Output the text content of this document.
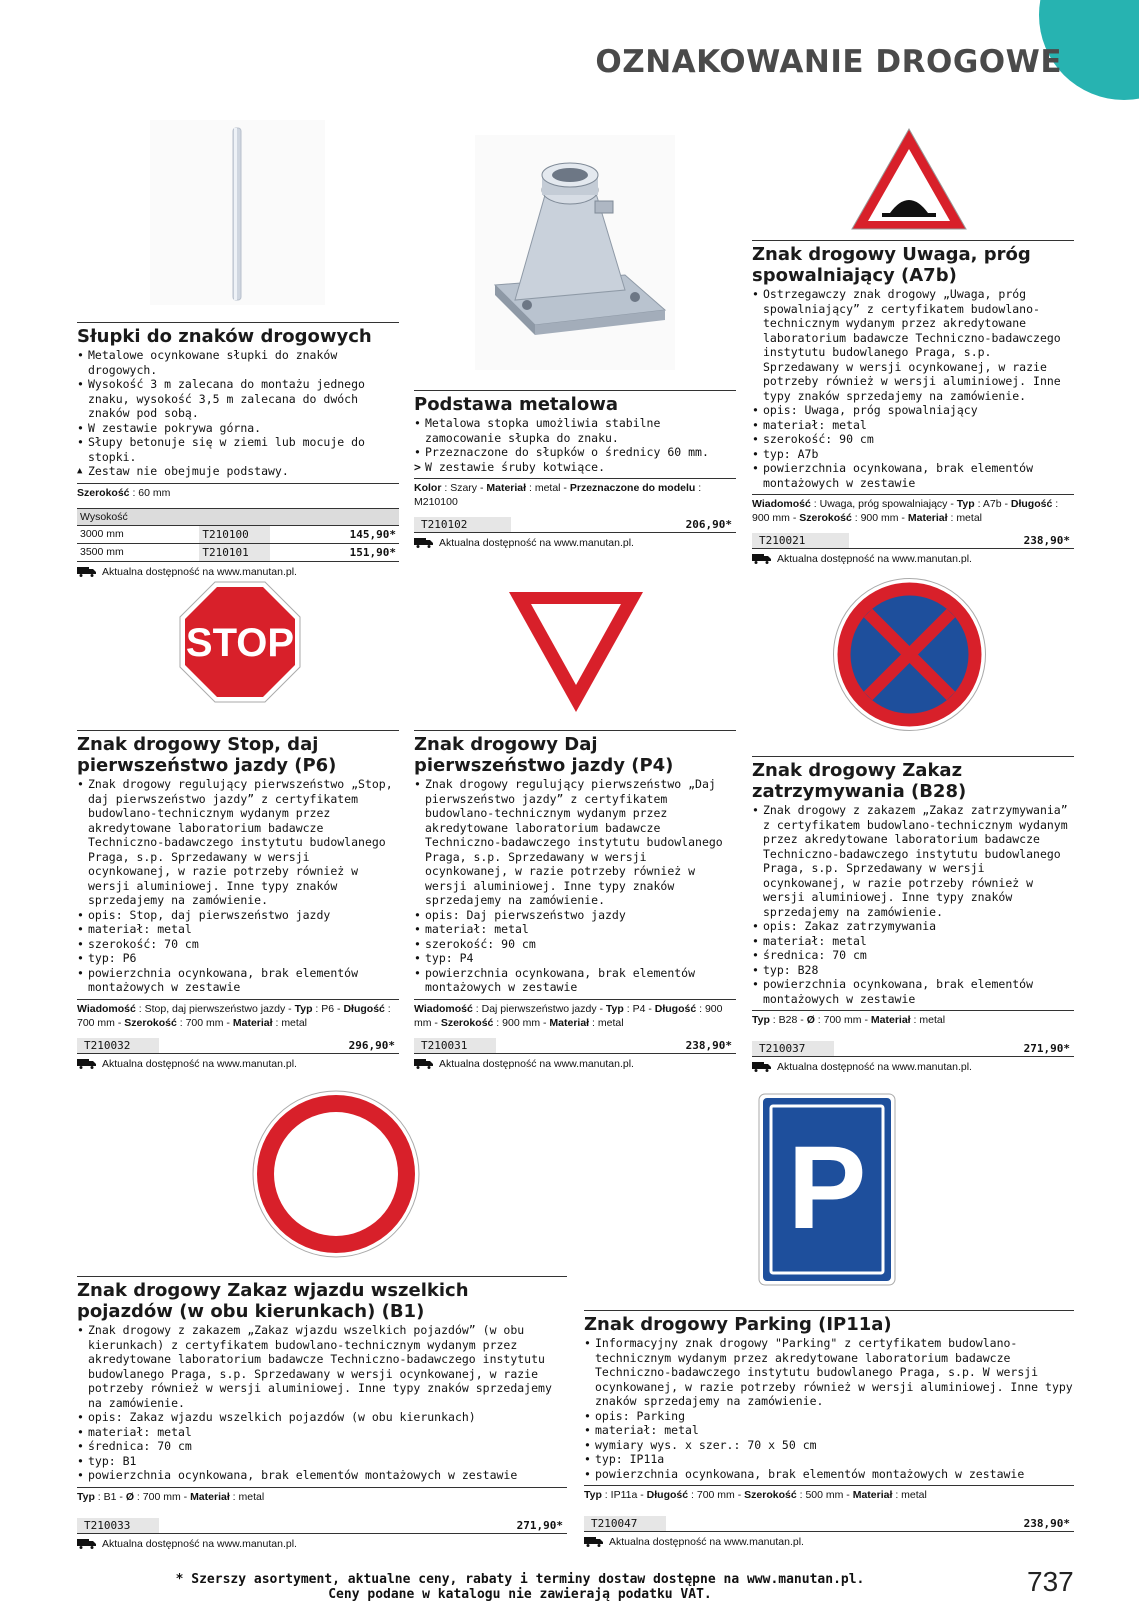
OZNAKOWANIE DROGOWE
STOP
P
Słupki do znaków drogowych
• Metalowe ocynkowane słupki do znaków drogowych.
• Wysokość 3 m zalecana do montażu jednego znaku, wysokość 3,5 m zalecana do dwóch znaków pod sobą.
• W zestawie pokrywa górna.
• Słupy betonuje się w ziemi lub mocuje do stopki.
▲ Zestaw nie obejmuje podstawy.
Szerokość : 60 mm
Wysokość		
3000 mm	T210100	145,90*
3500 mm	T210101	151,90*
Aktualna dostępność na www.manutan.pl.
Podstawa metalowa
• Metalowa stopka umożliwia stabilne zamocowanie słupka do znaku.
• Przeznaczone do słupków o średnicy 60 mm.
> W zestawie śruby kotwiące.
Kolor : Szary - Materiał : metal - Przeznaczone do modelu : M210100
T210102	206,90*
Aktualna dostępność na www.manutan.pl.
Znak drogowy Uwaga, próg spowalniający (A7b)
• Ostrzegawczy znak drogowy „Uwaga, próg spowalniający” z certyfikatem budowlano-technicznym wydanym przez akredytowane laboratorium badawcze Techniczno-badawczego instytutu budowlanego Praga, s.p. Sprzedawany w wersji ocynkowanej, w razie potrzeby również w wersji aluminiowej. Inne typy znaków sprzedajemy na zamówienie.
• opis: Uwaga, próg spowalniający
• materiał: metal
• szerokość: 90 cm
• typ: A7b
• powierzchnia ocynkowana, brak elementów montażowych w zestawie
Wiadomość : Uwaga, próg spowalniający - Typ : A7b - Długość : 900 mm - Szerokość : 900 mm - Materiał : metal
T210021	238,90*
Aktualna dostępność na www.manutan.pl.
Znak drogowy Stop, daj pierwszeństwo jazdy (P6)
• Znak drogowy regulujący pierwszeństwo „Stop, daj pierwszeństwo jazdy” z certyfikatem budowlano-technicznym wydanym przez akredytowane laboratorium badawcze Techniczno-badawczego instytutu budowlanego Praga, s.p. Sprzedawany w wersji ocynkowanej, w razie potrzeby również w wersji aluminiowej. Inne typy znaków sprzedajemy na zamówienie.
• opis: Stop, daj pierwszeństwo jazdy
• materiał: metal
• szerokość: 70 cm
• typ: P6
• powierzchnia ocynkowana, brak elementów montażowych w zestawie
Wiadomość : Stop, daj pierwszeństwo jazdy - Typ : P6 - Długość : 700 mm - Szerokość : 700 mm - Materiał : metal
T210032	296,90*
Aktualna dostępność na www.manutan.pl.
Znak drogowy Daj pierwszeństwo jazdy (P4)
• Znak drogowy regulujący pierwszeństwo „Daj pierwszeństwo jazdy” z certyfikatem budowlano-technicznym wydanym przez akredytowane laboratorium badawcze Techniczno-badawczego instytutu budowlanego Praga, s.p. Sprzedawany w wersji ocynkowanej, w razie potrzeby również w wersji aluminiowej. Inne typy znaków sprzedajemy na zamówienie.
• opis: Daj pierwszeństwo jazdy
• materiał: metal
• szerokość: 90 cm
• typ: P4
• powierzchnia ocynkowana, brak elementów montażowych w zestawie
Wiadomość : Daj pierwszeństwo jazdy - Typ : P4 - Długość : 900 mm - Szerokość : 900 mm - Materiał : metal
T210031	238,90*
Aktualna dostępność na www.manutan.pl.
Znak drogowy Zakaz zatrzymywania (B28)
• Znak drogowy z zakazem „Zakaz zatrzymywania” z certyfikatem budowlano-technicznym wydanym przez akredytowane laboratorium badawcze Techniczno-badawczego instytutu budowlanego Praga, s.p. Sprzedawany w wersji ocynkowanej, w razie potrzeby również w wersji aluminiowej. Inne typy znaków sprzedajemy na zamówienie.
• opis: Zakaz zatrzymywania
• materiał: metal
• średnica: 70 cm
• typ: B28
• powierzchnia ocynkowana, brak elementów montażowych w zestawie
Typ : B28 - Ø : 700 mm - Materiał : metal
T210037	271,90*
Aktualna dostępność na www.manutan.pl.
Znak drogowy Zakaz wjazdu wszelkich pojazdów (w obu kierunkach) (B1)
• Znak drogowy z zakazem „Zakaz wjazdu wszelkich pojazdów” (w obu kierunkach) z certyfikatem budowlano-technicznym wydanym przez akredytowane laboratorium badawcze Techniczno-badawczego instytutu budowlanego Praga, s.p. Sprzedawany w wersji ocynkowanej, w razie potrzeby również w wersji aluminiowej. Inne typy znaków sprzedajemy na zamówienie.
• opis: Zakaz wjazdu wszelkich pojazdów (w obu kierunkach)
• materiał: metal
• średnica: 70 cm
• typ: B1
• powierzchnia ocynkowana, brak elementów montażowych w zestawie
Typ : B1 - Ø : 700 mm - Materiał : metal
T210033	271,90*
Aktualna dostępność na www.manutan.pl.
Znak drogowy Parking (IP11a)
• Informacyjny znak drogowy "Parking" z certyfikatem budowlano-technicznym wydanym przez akredytowane laboratorium badawcze Techniczno-badawczego instytutu budowlanego Praga, s.p. W wersji ocynkowanej, w razie potrzeby również w wersji aluminiowej. Inne typy znaków sprzedajemy na zamówienie.
• opis: Parking
• materiał: metal
• wymiary wys. x szer.: 70 x 50 cm
• typ: IP11a
• powierzchnia ocynkowana, brak elementów montażowych w zestawie
Typ : IP11a - Długość : 700 mm - Szerokość : 500 mm - Materiał : metal
T210047	238,90*
Aktualna dostępność na www.manutan.pl.
* Szerszy asortyment, aktualne ceny, rabaty i terminy dostaw dostępne na www.manutan.pl.
Ceny podane w katalogu nie zawierają podatku VAT.	737
